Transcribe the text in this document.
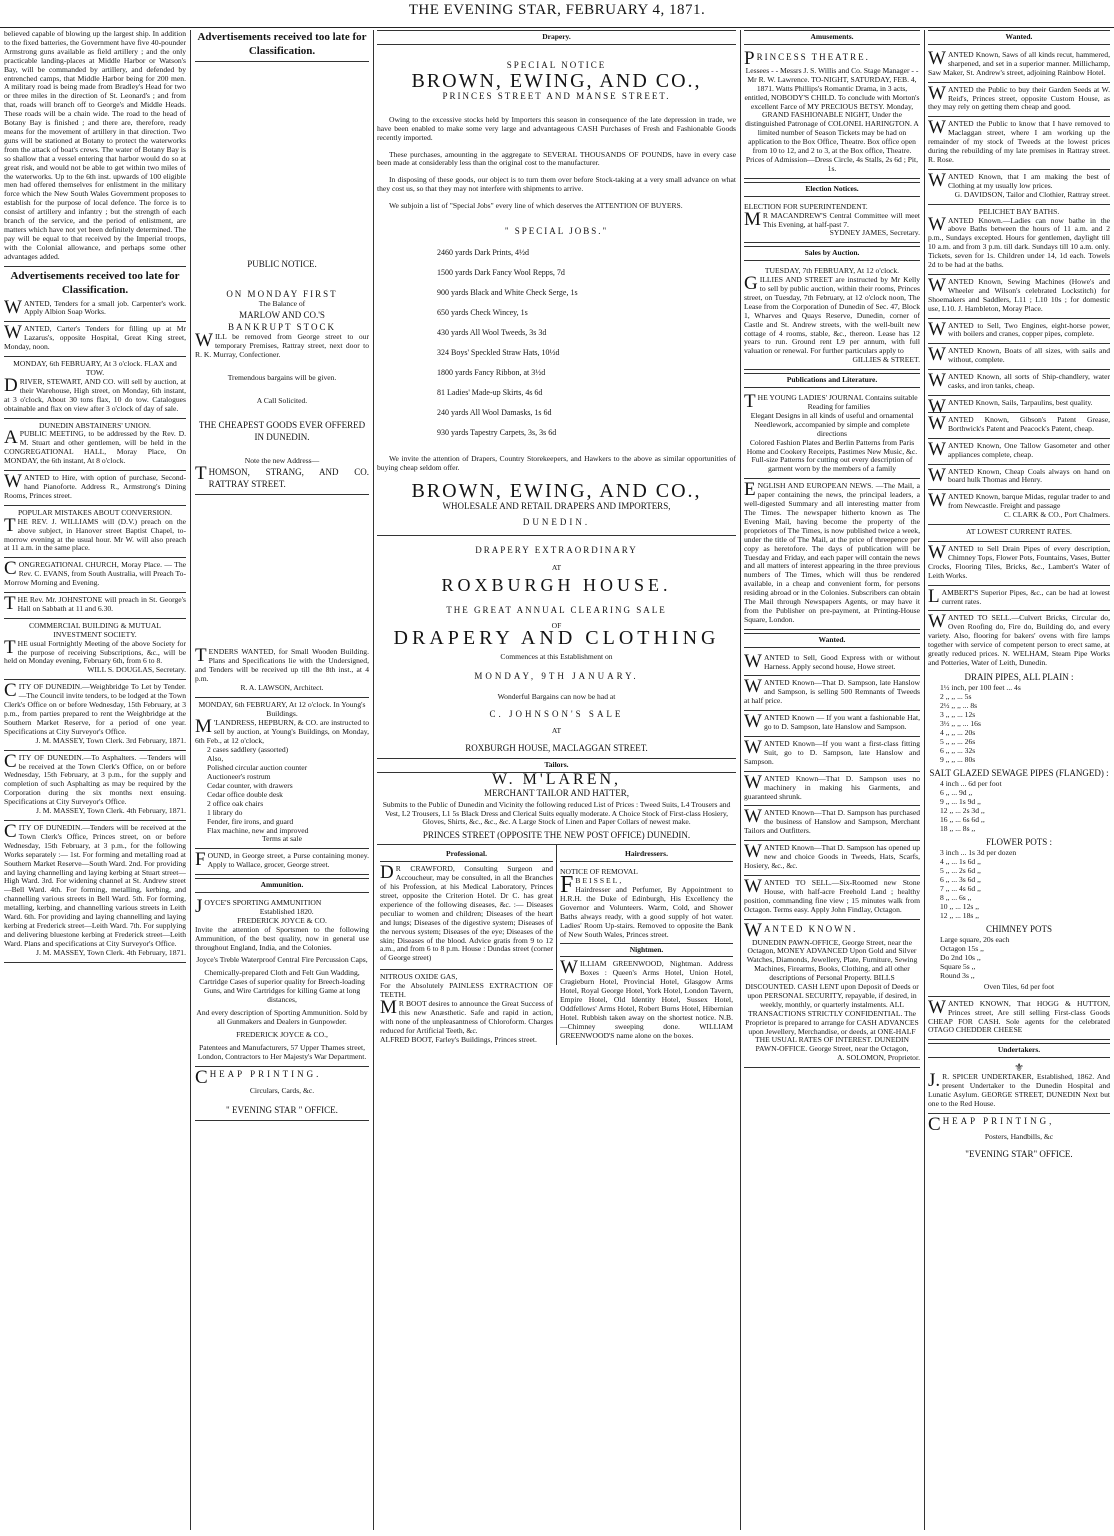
THE EVENING STAR, FEBRUARY 4, 1871.

believed capable of blowing up the largest ship. In addition to the fixed batteries, the Government have five 40-pounder Armstrong guns available as field artillery ; and the only practicable landing-places at Middle Harbor or Watson's Bay, will be commanded by artillery, and defended by entrenched camps, that Middle Harbor being for 200 men. A military road is being made from Bradley's Head for two or three miles in the direction of St. Leonard's ; and from that, roads will branch off to George's and Middle Heads. These roads will be a chain wide. The road to the head of Botany Bay is finished ; and there are, therefore, ready means for the movement of artillery in that direction. Two guns will be stationed at Botany to protect the waterworks from the attack of boat's crews. The water of Botany Bay is so shallow that a vessel entering that harbor would do so at great risk, and would not be able to get within two miles of the waterworks. Up to the 6th inst. upwards of 100 eligible men had offered themselves for enlistment in the military force which the New South Wales Government proposes to establish for the purpose of local defence. The force is to consist of artillery and infantry ; but the strength of each branch of the service, and the period of enlistment, are matters which have not yet been definitely determined. The pay will be equal to that received by the Imperial troops, with the Colonial allowance, and perhaps some other advantages added.

Advertisements received too late for Classification.

WANTED, Tenders for a small job. Carpenter's work. Apply Albion Soap Works.

WANTED, Carter's Tenders for filling up at Mr Lazarus's, opposite Hospital, Great King street, Monday, noon.

MONDAY, 6th FEBRUARY, At 3 o'clock. FLAX and TOW.

DRIVER, STEWART, AND CO. will sell by auction, at their Warehouse, High street, on Monday, 6th instant, at 3 o'clock, About 30 tons flax, 10 do tow. Catalogues obtainable and flax on view after 3 o'clock of day of sale.

DUNEDIN ABSTAINERS' UNION.

A PUBLIC MEETING, to be addressed by the Rev. D. M. Stuart and other gentlemen, will be held in the CONGREGATIONAL HALL, Moray Place, On MONDAY, the 6th instant, At 8 o'clock.

WANTED to Hire, with option of purchase, Second-hand Pianoforte. Address R., Armstrong's Dining Rooms, Princes street.

POPULAR MISTAKES ABOUT CONVERSION.

THE REV. J. WILLIAMS will (D.V.) preach on the above subject, in Hanover street Baptist Chapel, to-morrow evening at the usual hour. Mr W. will also preach at 11 a.m. in the same place.

CONGREGATIONAL CHURCH, Moray Place. — The Rev. C. EVANS, from South Australia, will Preach To-Morrow Morning and Evening.

THE Rev. Mr. JOHNSTONE will preach in St. George's Hall on Sabbath at 11 and 6.30.

COMMERCIAL BUILDING & MUTUAL INVESTMENT SOCIETY.

THE usual Fortnightly Meeting of the above Society for the purpose of receiving Subscriptions, &c., will be held on Monday evening, February 6th, from 6 to 8.

WILL S. DOUGLAS, Secretary.

CITY OF DUNEDIN.—Weighbridge To Let by Tender.—The Council invite tenders, to be lodged at the Town Clerk's Office on or before Wednesday, 15th February, at 3 p.m., from parties prepared to rent the Weighbridge at the Southern Market Reserve, for a period of one year. Specifications at City Surveyor's Office.

J. M. MASSEY, Town Clerk. 3rd February, 1871.

CITY OF DUNEDIN.—To Asphalters. —Tenders will be received at the Town Clerk's Office, on or before Wednesday, 15th February, at 3 p.m., for the supply and completion of such Asphalting as may be required by the Corporation during the six months next ensuing. Specifications at City Surveyor's Office.

J. M. MASSEY, Town Clerk. 4th February, 1871.

CITY OF DUNEDIN.—Tenders will be received at the Town Clerk's Office, Princes street, on or before Wednesday, 15th February, at 3 p.m., for the following Works separately :— 1st. For forming and metalling road at Southern Market Reserve—South Ward. 2nd. For providing and laying channelling and laying kerbing at Stuart street—High Ward. 3rd. For widening channel at St. Andrew street—Bell Ward. 4th. For forming, metalling, kerbing, and channelling various streets in Bell Ward. 5th. For forming, metalling, kerbing, and channelling various streets in Leith Ward. 6th. For providing and laying channelling and laying kerbing at Frederick street—Leith Ward. 7th. For supplying and delivering bluestone kerbing at Frederick street—Leith Ward. Plans and specifications at City Surveyor's Office.

J. M. MASSEY, Town Clerk. 4th February, 1871.

Advertisements received too late for Classification.

PUBLIC NOTICE.

ON MONDAY FIRST

The Balance of

MARLOW AND CO.'S

BANKRUPT STOCK

WILL be removed from George street to our temporary Premises, Rattray street, next door to R. K. Murray, Confectioner.

Tremendous bargains will be given.

A Call Solicited.

THE CHEAPEST GOODS EVER OFFERED IN DUNEDIN.

Note the new Address—

THOMSON, STRANG, AND CO. RATTRAY STREET.

TENDERS WANTED, for Small Wooden Building. Plans and Specifications lie with the Undersigned, and Tenders will be received up till the 8th inst., at 4 p.m.

R. A. LAWSON, Architect.

MONDAY, 6th FEBRUARY, At 12 o'clock. In Young's Buildings.

M 'LANDRESS, HEPBURN, & CO. are instructed to sell by auction, at Young's Buildings, on Monday, 6th Feb., at 12 o'clock,

2 cases saddlery (assorted)
Also,
Polished circular auction counter
Auctioneer's rostrum
Cedar counter, with drawers
Cedar office double desk
2 office oak chairs
1 library do
Fender, fire irons, and guard
Flax machine, new and improved

Terms at sale

FOUND, in George street, a Purse containing money. Apply to Wallace, grocer, George street.

Ammunition.

JOYCE'S SPORTING AMMUNITION

Established 1820.

FREDERICK JOYCE & CO.

Invite the attention of Sportsmen to the following Ammunition, of the best quality, now in general use throughout England, India, and the Colonies.

Joyce's Treble Waterproof Central Fire Percussion Caps,

Chemically-prepared Cloth and Felt Gun Wadding, Cartridge Cases of superior quality for Breech-loading Guns, and Wire Cartridges for killing Game at long distances,

And every description of Sporting Ammunition. Sold by all Gunmakers and Dealers in Gunpowder.

FREDERICK JOYCE & CO.,

Patentees and Manufacturers, 57 Upper Thames street, London, Contractors to Her Majesty's War Department.

CHEAP PRINTING.

Circulars, Cards, &c.

" EVENING STAR " OFFICE.

Drapery.

SPECIAL NOTICE

BROWN, EWING, AND CO.,

PRINCES STREET AND MANSE STREET.

Owing to the excessive stocks held by Importers this season in consequence of the late depression in trade, we have been enabled to make some very large and advantageous CASH Purchases of Fresh and Fashionable Goods recently imported.

These purchases, amounting in the aggregate to SEVERAL THOUSANDS OF POUNDS, have in every case been made at considerably less than the original cost to the manufacturer.

In disposing of these goods, our object is to turn them over before Stock-taking at a very small advance on what they cost us, so that they may not interfere with shipments to arrive.

We subjoin a list of "Special Jobs" every line of which deserves the ATTENTION OF BUYERS.

" SPECIAL JOBS."

2460 yards Dark Prints, 4½d
1500 yards Dark Fancy Wool Repps, 7d
900 yards Black and White Check Serge, 1s
650 yards Check Wincey, 1s
430 yards All Wool Tweeds, 3s 3d
324 Boys' Speckled Straw Hats, 10½d
1800 yards Fancy Ribbon, at 3½d
81 Ladies' Made-up Skirts, 4s 6d
240 yards All Wool Damasks, 1s 6d
930 yards Tapestry Carpets, 3s, 3s 6d

We invite the attention of Drapers, Country Storekeepers, and Hawkers to the above as similar opportunities of buying cheap seldom offer.

BROWN, EWING, AND CO.,

WHOLESALE AND RETAIL DRAPERS AND IMPORTERS,

DUNEDIN.

DRAPERY EXTRAORDINARY

AT

ROXBURGH HOUSE.

THE GREAT ANNUAL CLEARING SALE

OF

DRAPERY AND CLOTHING

Commences at this Establishment on

MONDAY, 9TH JANUARY.

Wonderful Bargains can now be had at

C. JOHNSON'S SALE

AT

ROXBURGH HOUSE, MACLAGGAN STREET.

Tailors.

W. M'LAREN,

MERCHANT TAILOR AND HATTER,

Submits to the Public of Dunedin and Vicinity the following reduced List of Prices : Tweed Suits, L4 Trousers and Vest, L2 Trousers, L1 5s Black Dress and Clerical Suits equally moderate. A Choice Stock of First-class Hosiery, Gloves, Shirts, &c., &c., &c. A Large Stock of Linen and Paper Collars of newest make.

PRINCES STREET (OPPOSITE THE NEW POST OFFICE) DUNEDIN.

Professional.

D R CRAWFORD, Consulting Surgeon and Accoucheur, may be consulted, in all the Branches of his Profession, at his Medical Laboratory, Princes street, opposite the Criterion Hotel. Dr C. has great experience of the following diseases, &c. :— Diseases peculiar to women and children; Diseases of the heart and lungs; Diseases of the digestive system; Diseases of the nervous system; Diseases of the eye; Diseases of the skin; Diseases of the blood. Advice gratis from 9 to 12 a.m., and from 6 to 8 p.m. House : Dundas street (corner of George street)

NITROUS OXIDE GAS,

For the Absolutely PAINLESS EXTRACTION OF TEETH.

M R BOOT desires to announce the Great Success of this new Anæsthetic. Safe and rapid in action, with none of the unpleasantness of Chloroform. Charges reduced for Artificial Teeth, &c.

ALFRED BOOT, Farley's Buildings, Princes street.

Hairdressers.

NOTICE OF REMOVAL

FBEISSEL,

Hairdresser and Perfumer, By Appointment to H.R.H. the Duke of Edinburgh, His Excellency the Governor and Volunteers. Warm, Cold, and Shower Baths always ready, with a good supply of hot water. Ladies' Room Up-stairs. Removed to opposite the Bank of New South Wales, Princes street.

Nightmen.

WILLIAM GREENWOOD, Nightman. Address Boxes : Queen's Arms Hotel, Union Hotel, Cragieburn Hotel, Provincial Hotel, Glasgow Arms Hotel, Royal George Hotel, York Hotel, London Tavern, Empire Hotel, Old Identity Hotel, Sussex Hotel, Oddfellows' Arms Hotel, Robert Burns Hotel, Hibernian Hotel. Rubbish taken away on the shortest notice. N.B.—Chimney sweeping done. WILLIAM GREENWOOD'S name alone on the boxes.

Amusements.

PRINCESS THEATRE.

Lessees - - Messrs J. S. Willis and Co. Stage Manager - - Mr R. W. Lawrence. TO-NIGHT, SATURDAY, FEB. 4, 1871. Watts Phillips's Romantic Drama, in 3 acts, entitled, NOBODY'S CHILD. To conclude with Morton's excellent Farce of MY PRECIOUS BETSY. Monday, GRAND FASHIONABLE NIGHT, Under the distinguished Patronage of COLONEL HARINGTON. A limited number of Season Tickets may be had on application to the Box Office, Theatre. Box office open from 10 to 12, and 2 to 3, at the Box office, Theatre. Prices of Admission—Dress Circle, 4s Stalls, 2s 6d ; Pit, 1s.

Election Notices.

ELECTION FOR SUPERINTENDENT.

M R MACANDREW'S Central Committee will meet This Evening, at half-past 7.

SYDNEY JAMES, Secretary.

Sales by Auction.

TUESDAY, 7th FEBRUARY, At 12 o'clock.

GILLIES AND STREET are instructed by Mr Kelly to sell by public auction, within their rooms, Princes street, on Tuesday, 7th February, at 12 o'clock noon, The Lease from the Corporation of Dunedin of Sec. 47, Block 1, Wharves and Quays Reserve, Dunedin, corner of Castle and St. Andrew streets, with the well-built new cottage of 4 rooms, stable, &c., thereon. Lease has 12 years to run. Ground rent L9 per annum, with full valuation or renewal. For further particulars apply to

GILLIES & STREET.

Publications and Literature.

THE YOUNG LADIES' JOURNAL Contains suitable

Reading for families
Elegant Designs in all kinds of useful and ornamental Needlework, accompanied by simple and complete directions
Colored Fashion Plates and Berlin Patterns from Paris
Home and Cookery Receipts, Pastimes New Music, &c.
Full-size Patterns for cutting out every description of garment worn by the members of a family

ENGLISH AND EUROPEAN NEWS. —The Mail, a paper containing the news, the principal leaders, a well-digested Summary and all interesting matter from The Times. The newspaper hitherto known as The Evening Mail, having become the property of the proprietors of The Times, is now published twice a week, under the title of The Mail, at the price of threepence per copy as heretofore. The days of publication will be Tuesday and Friday, and each paper will contain the news and all matters of interest appearing in the three previous numbers of The Times, which will thus be rendered available, in a cheap and convenient form, for persons residing abroad or in the Colonies. Subscribers can obtain The Mail through Newspapers Agents, or may have it from the Publisher on pre-payment, at Printing-House Square, London.

Wanted.

WANTED to Sell, Good Express with or without Harness. Apply second house, Howe street.

WANTED Known—That D. Sampson, late Hanslow and Sampson, is selling 500 Remnants of Tweeds at half price.

WANTED Known — If you want a fashionable Hat, go to D. Sampson, late Hanslow and Sampson.

WANTED Known—If you want a first-class fitting Suit, go to D. Sampson, late Hanslow and Sampson.

WANTED Known—That D. Sampson uses no machinery in making his Garments, and guaranteed shrunk.

WANTED Known—That D. Sampson has purchased the business of Hanslow and Sampson, Merchant Tailors and Outfitters.

WANTED Known—That D. Sampson has opened up new and choice Goods in Tweeds, Hats, Scarfs, Hosiery, &c., &c.

WANTED TO SELL.—Six-Roomed new Stone House, with half-acre Freehold Land ; healthy position, commanding fine view ; 15 minutes walk from Octagon. Terms easy. Apply John Findlay, Octagon.

WANTED KNOWN.

DUNEDIN PAWN-OFFICE, George Street, near the Octagon, MONEY ADVANCED Upon Gold and Silver Watches, Diamonds, Jewellery, Plate, Furniture, Sewing Machines, Firearms, Books, Clothing, and all other descriptions of Personal Property. BILLS DISCOUNTED. CASH LENT upon Deposit of Deeds or upon PERSONAL SECURITY, repayable, if desired, in weekly, monthly, or quarterly instalments. ALL TRANSACTIONS STRICTLY CONFIDENTIAL. The Proprietor is prepared to arrange for CASH ADVANCES upon Jewellery, Merchandise, or deeds, at ONE-HALF THE USUAL RATES OF INTEREST. DUNEDIN PAWN-OFFICE. George Street, near the Octagon,

A. SOLOMON, Proprietor.

Wanted.

WANTED Known, Saws of all kinds recut, hammered, sharpened, and set in a superior manner. Millichamp, Saw Maker, St. Andrew's street, adjoining Rainbow Hotel.

WANTED the Public to buy their Garden Seeds at W. Reid's, Princes street, opposite Custom House, as they may rely on getting them cheap and good.

WANTED the Public to know that I have removed to Maclaggan street, where I am working up the remainder of my stock of Tweeds at the lowest prices during the rebuilding of my late premises in Rattray street. R. Rose.

WANTED Known, that I am making the best of Clothing at my usually low prices.

G. DAVIDSON, Tailor and Clothier, Rattray street.

PELICHET BAY BATHS.

WANTED Known.—Ladies can now bathe in the above Baths between the hours of 11 a.m. and 2 p.m., Sundays excepted. Hours for gentlemen, daylight till 10 a.m. and from 3 p.m. till dark. Sundays till 10 a.m. only. Tickets, seven for 1s. Children under 14, 1d each. Towels 2d to be had at the baths.

WANTED Known, Sewing Machines (Howe's and Wheeler and Wilson's celebrated Lockstitch) for Shoemakers and Saddlers, L11 ; L10 10s ; for domestic use, L10. J. Hambleton, Moray Place.

WANTED to Sell, Two Engines, eight-horse power, with boilers and cranes, copper pipes, complete.

WANTED Known, Boats of all sizes, with sails and without, complete.

WANTED Known, all sorts of Ship-chandlery, water casks, and iron tanks, cheap.

WANTED Known, Sails, Tarpaulins, best quality.

WANTED Known, Gibson's Patent Grease, Borthwick's Patent and Peacock's Patent, cheap.

WANTED Known, One Tallow Gasometer and other appliances complete, cheap.

WANTED Known, Cheap Coals always on hand on board hulk Thomas and Henry.

WANTED Known, barque Midas, regular trader to and from Newcastle. Freight and passage

C. CLARK & CO., Port Chalmers.

AT LOWEST CURRENT RATES.

WANTED to Sell Drain Pipes of every description, Chimney Tops, Flower Pots, Fountains, Vases, Butter Crocks, Flooring Tiles, Bricks, &c., Lambert's Water of Leith Works.

LAMBERT'S Superior Pipes, &c., can be had at lowest current rates.

WANTED TO SELL.—Culvert Bricks, Circular do, Oven Roofing do, Fire do, Building do, and every variety. Also, flooring for bakers' ovens with fire lamps together with service of competent person to erect same, at greatly reduced prices. N. WELHAM, Steam Pipe Works and Potteries, Water of Leith, Dunedin.

DRAIN PIPES, ALL PLAIN :

1½ inch, per 100 feet ... 4s
2 ,, ,, ... 5s
2½ ,, ,, ... 8s
3 ,, ,, ... 12s
3½ ,, ,, ... 16s
4 ,, ,, ... 20s
5 ,, ,, ... 26s
6 ,, ,, ... 32s
9 ,, ,, ... 80s

SALT GLAZED SEWAGE PIPES (FLANGED) :

4 inch ... 6d per foot
6 ,, ... 9d ,,
9 ,, ... 1s 9d ,,
12 ,, ... 2s 3d ,,
16 ,, ... 6s 6d ,,
18 ,, ... 8s ,,

FLOWER POTS :

3 inch ... 1s 3d per dozen
4 ,, ... 1s 6d ,,
5 ,, ... 2s 6d ,,
6 ,, ... 3s 6d ,,
7 ,, ... 4s 6d ,,
8 ,, ... 6s ,,
10 ,, ... 12s ,,
12 ,, ... 18s ,,

CHIMNEY POTS

Large square, 20s each
Octagon 15s ,,
Do 2nd 10s ,,
Square 5s ,,
Round 3s ,,

Oven Tiles, 6d per foot

WANTED KNOWN, That HOGG & HUTTON, Princes street, Are still selling First-class Goods CHEAP FOR CASH. Sole agents for the celebrated OTAGO CHEDDER CHEESE

Undertakers.

⚜

J. R. SPICER UNDERTAKER, Established, 1862. And present Undertaker to the Dunedin Hospital and Lunatic Asylum. GEORGE STREET, DUNEDIN Next but one to the Red House.

CHEAP PRINTING,

Posters, Handbills, &c

"EVENING STAR" OFFICE.
